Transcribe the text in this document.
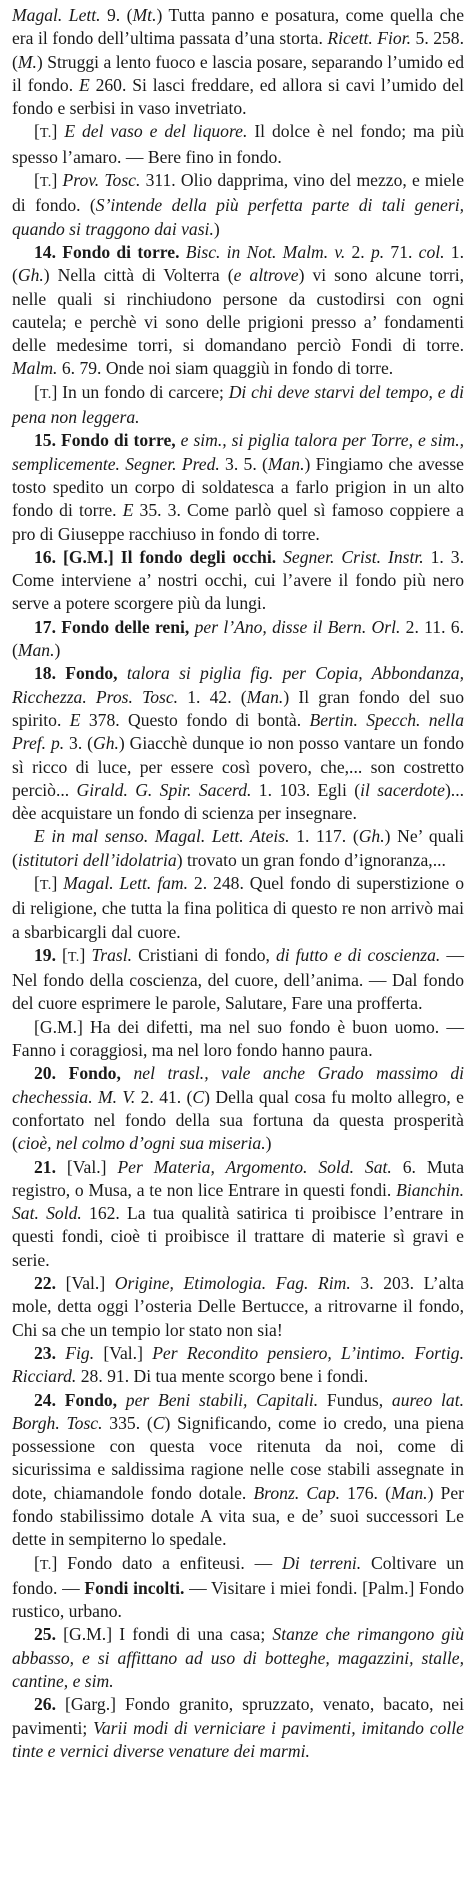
Magal. Lett. 9. (Mt.) Tutta panno e posatura, come quella che era il fondo dell’ultima passata d’una storta. Ricett. Fior. 5. 258. (M.) Struggi a lento fuoco e lascia posare, separando l’umido ed il fondo. E 260. Si lasci freddare, ed allora si cavi l’umido del fondo e serbisi in vaso invetriato.

[T.] E del vaso e del liquore. Il dolce è nel fondo; ma più spesso l’amaro. — Bere fino in fondo.

[T.] Prov. Tosc. 311. Olio dapprima, vino del mezzo, e miele di fondo. (S’intende della più perfetta parte di tali generi, quando si traggono dai vasi.)

14. Fondo di torre. Bisc. in Not. Malm. v. 2. p. 71. col. 1. (Gh.) Nella città di Volterra (e altrove) vi sono alcune torri, nelle quali si rinchiudono persone da custodirsi con ogni cautela; e perchè vi sono delle prigioni presso a’ fondamenti delle medesime torri, si domandano perciò Fondi di torre. Malm. 6. 79. Onde noi siam quaggiù in fondo di torre.

[T.] In un fondo di carcere; Di chi deve starvi del tempo, e di pena non leggera.

15. Fondo di torre, e sim., si piglia talora per Torre, e sim., semplicemente. Segner. Pred. 3. 5. (Man.) Fingiamo che avesse tosto spedito un corpo di soldatesca a farlo prigion in un alto fondo di torre. E 35. 3. Come parlò quel sì famoso coppiere a pro di Giuseppe racchiuso in fondo di torre.

16. [G.M.] Il fondo degli occhi. Segner. Crist. Instr. 1. 3. Come interviene a’ nostri occhi, cui l’avere il fondo più nero serve a potere scorgere più da lungi.

17. Fondo delle reni, per l’Ano, disse il Bern. Orl. 2. 11. 6. (Man.)

18. Fondo, talora si piglia fig. per Copia, Abbondanza, Ricchezza. Pros. Tosc. 1. 42. (Man.) Il gran fondo del suo spirito. E 378. Questo fondo di bontà. Bertin. Specch. nella Pref. p. 3. (Gh.) Giacchè dunque io non posso vantare un fondo sì ricco di luce, per essere così povero, che,... son costretto perciò... Girald. G. Spir. Sacerd. 1. 103. Egli (il sacerdote)... dèe acquistare un fondo di scienza per insegnare.

E in mal senso. Magal. Lett. Ateis. 1. 117. (Gh.) Ne’ quali (istitutori dell’idolatria) trovato un gran fondo d’ignoranza,...

[T.] Magal. Lett. fam. 2. 248. Quel fondo di superstizione o di religione, che tutta la fina politica di questo re non arrivò mai a sbarbicargli dal cuore.

19. [T.] Trasl. Cristiani di fondo, di futto e di coscienza. — Nel fondo della coscienza, del cuore, dell’anima. — Dal fondo del cuore esprimere le parole, Salutare, Fare una profferta.

[G.M.] Ha dei difetti, ma nel suo fondo è buon uomo. — Fanno i coraggiosi, ma nel loro fondo hanno paura.

20. Fondo, nel trasl., vale anche Grado massimo di chechessia. M. V. 2. 41. (C) Della qual cosa fu molto allegro, e confortato nel fondo della sua fortuna da questa prosperità (cioè, nel colmo d’ogni sua miseria.)

21. [Val.] Per Materia, Argomento. Sold. Sat. 6. Muta registro, o Musa, a te non lice Entrare in questi fondi. Bianchin. Sat. Sold. 162. La tua qualità satirica ti proibisce l’entrare in questi fondi, cioè ti proibisce il trattare di materie sì gravi e serie.

22. [Val.] Origine, Etimologia. Fag. Rim. 3. 203. L’alta mole, detta oggi l’osteria Delle Bertucce, a ritrovarne il fondo, Chi sa che un tempio lor stato non sia!

23. Fig. [Val.] Per Recondito pensiero, L’intimo. Fortig. Ricciard. 28. 91. Di tua mente scorgo bene i fondi.

24. Fondo, per Beni stabili, Capitali. Fundus, aureo lat. Borgh. Tosc. 335. (C) Significando, come io credo, una piena possessione con questa voce ritenuta da noi, come di sicurissima e saldissima ragione nelle cose stabili assegnate in dote, chiamandole fondo dotale. Bronz. Cap. 176. (Man.) Per fondo stabilissimo dotale A vita sua, e de’ suoi successori Le dette in sempiterno lo spedale.

[T.] Fondo dato a enfiteusi. — Di terreni. Coltivare un fondo. — Fondi incolti. — Visitare i miei fondi. [Palm.] Fondo rustico, urbano.

25. [G.M.] I fondi di una casa; Stanze che rimangono giù abbasso, e si affittano ad uso di botteghe, magazzini, stalle, cantine, e sim.

26. [Garg.] Fondo granito, spruzzato, venato, bacato, nei pavimenti; Varii modi di verniciare i pavimenti, imitando colle tinte e vernici diverse venature dei marmi.
